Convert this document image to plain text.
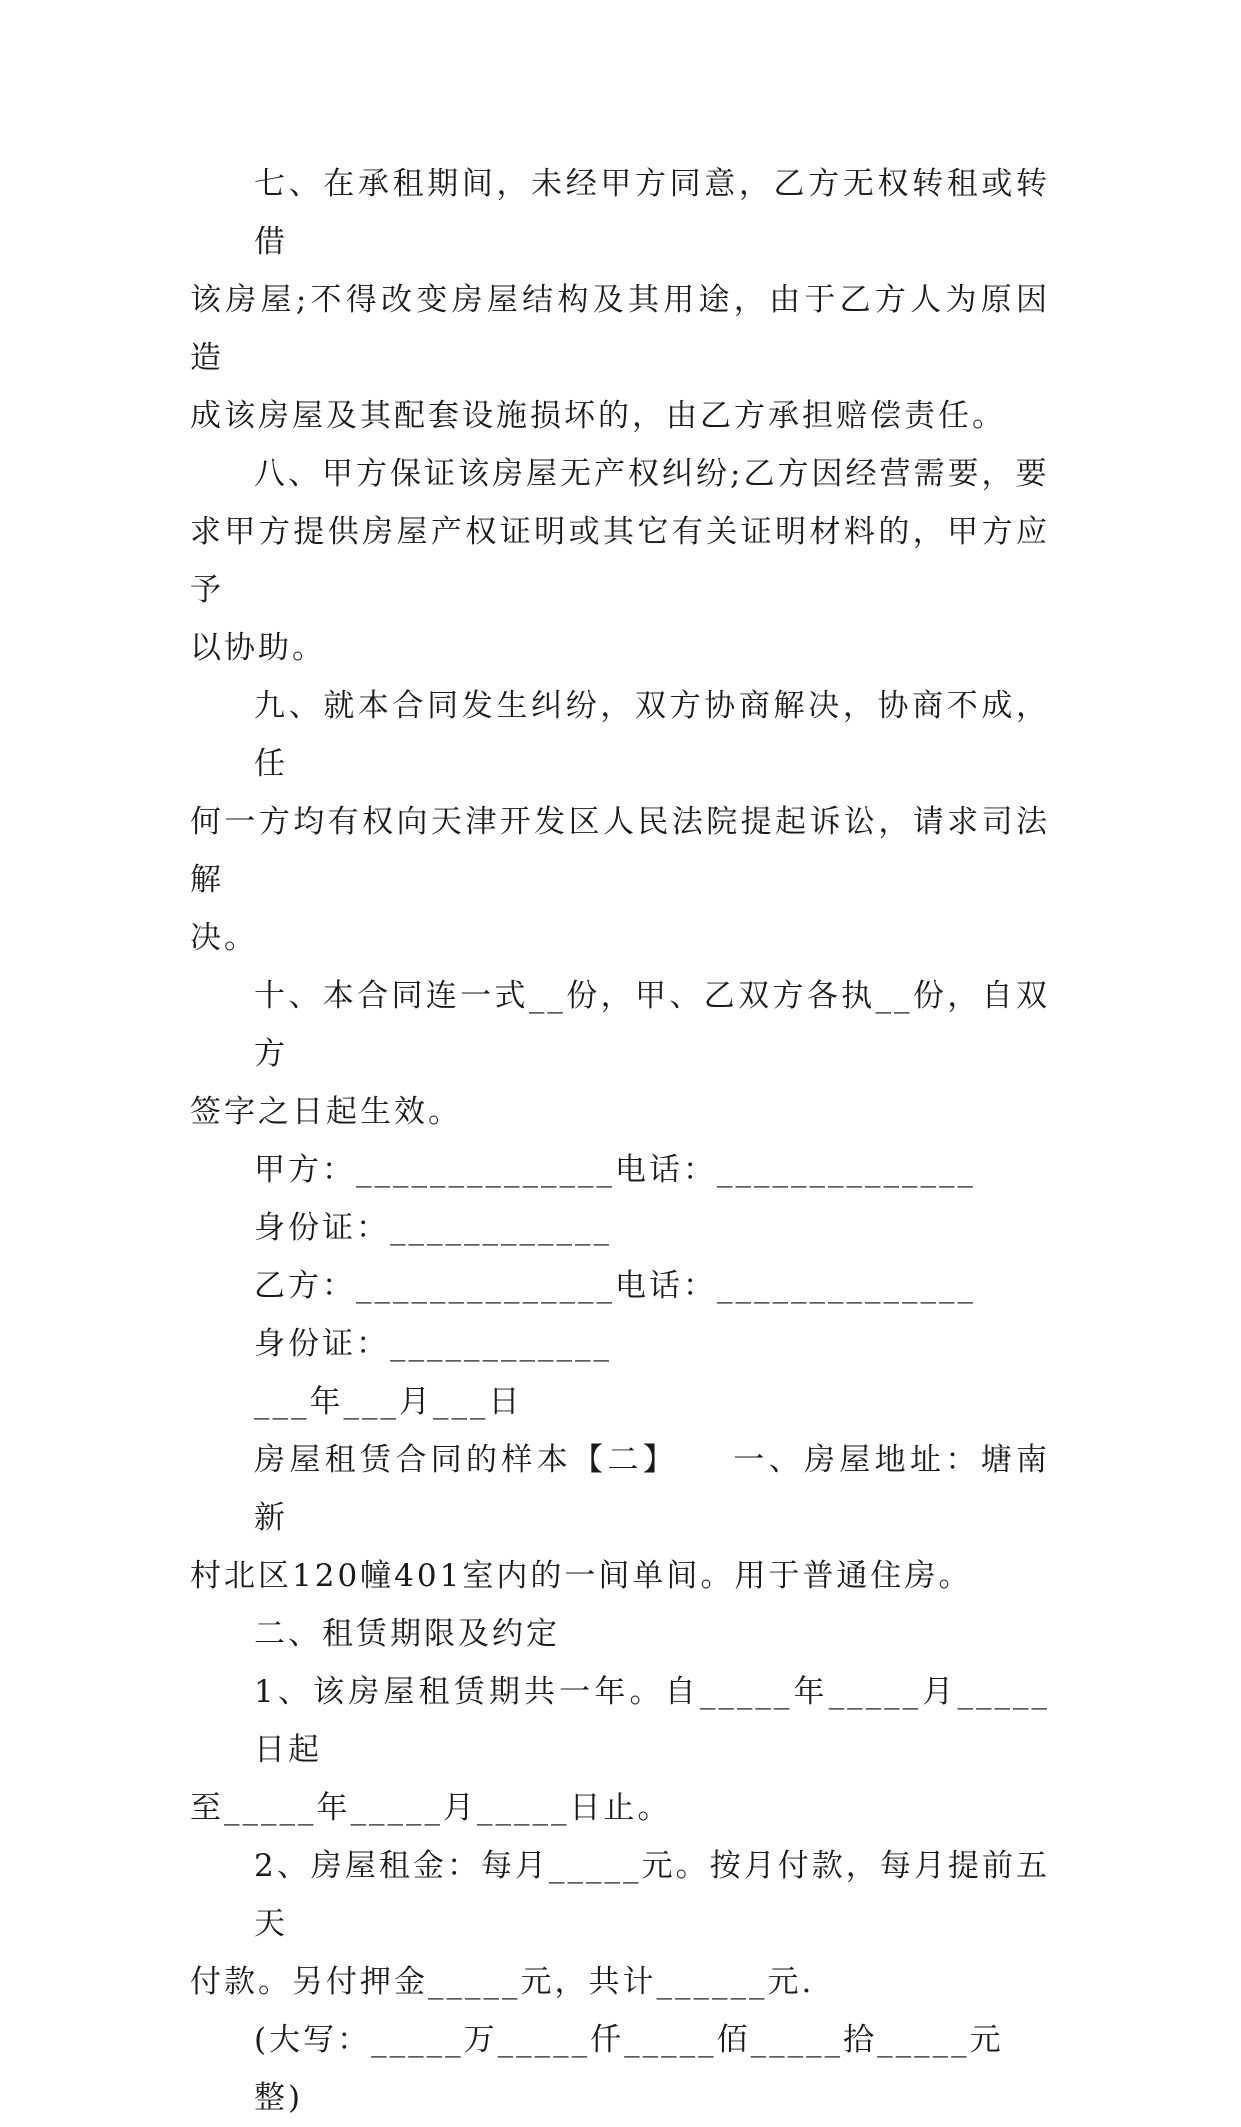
七、在承租期间，未经甲方同意，乙方无权转租或转借

该房屋;不得改变房屋结构及其用途，由于乙方人为原因造

成该房屋及其配套设施损坏的，由乙方承担赔偿责任。

八、甲方保证该房屋无产权纠纷;乙方因经营需要，要

求甲方提供房屋产权证明或其它有关证明材料的，甲方应予

以协助。

九、就本合同发生纠纷，双方协商解决，协商不成，任

何一方均有权向天津开发区人民法院提起诉讼，请求司法解

决。

十、本合同连一式__份，甲、乙双方各执__份，自双方

签字之日起生效。

甲方：______________电话：______________

身份证：____________

乙方：______________电话：______________

身份证：____________

___年___月___日

房屋租赁合同的样本【二】　　一、房屋地址：塘南新

村北区120幢401室内的一间单间。用于普通住房。

二、租赁期限及约定

1、该房屋租赁期共一年。自_____年_____月_____日起

至_____年_____月_____日止。

2、房屋租金：每月_____元。按月付款，每月提前五天

付款。另付押金_____元，共计______元.

(大写：_____万_____仟_____佰_____拾_____元整)
